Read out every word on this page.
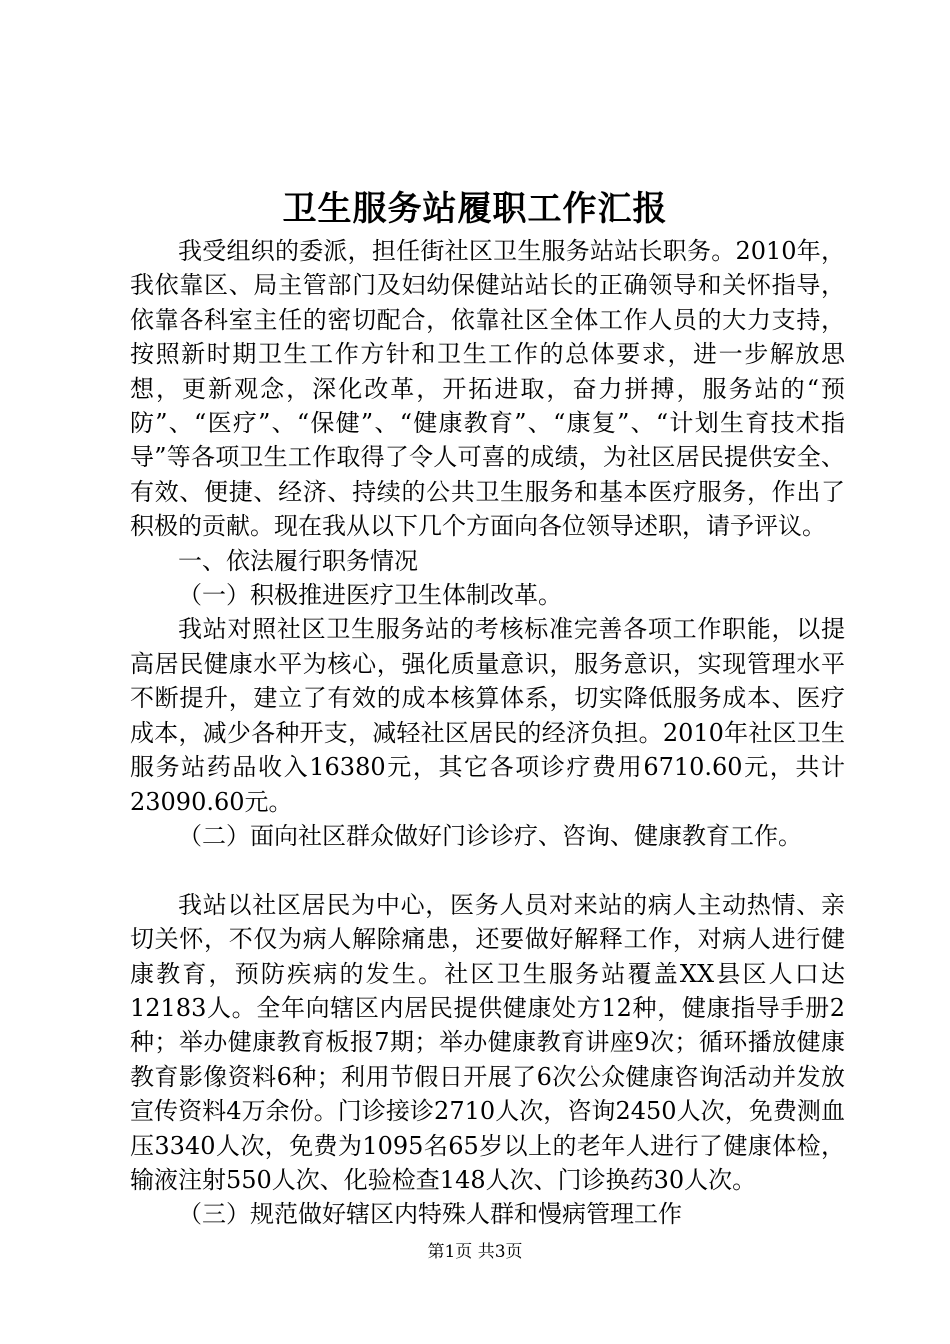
卫生服务站履职工作汇报

我受组织的委派，担任街社区卫生服务站站长职务。2010年，我依靠区、局主管部门及妇幼保健站站长的正确领导和关怀指导，依靠各科室主任的密切配合，依靠社区全体工作人员的大力支持，按照新时期卫生工作方针和卫生工作的总体要求，进一步解放思想，更新观念，深化改革，开拓进取，奋力拼搏，服务站的“预防”、“医疗”、“保健”、“健康教育”、“康复”、“计划生育技术指导”等各项卫生工作取得了令人可喜的成绩，为社区居民提供安全、有效、便捷、经济、持续的公共卫生服务和基本医疗服务，作出了积极的贡献。现在我从以下几个方面向各位领导述职，请予评议。

一、依法履行职务情况

（一）积极推进医疗卫生体制改革。

我站对照社区卫生服务站的考核标准完善各项工作职能，以提高居民健康水平为核心，强化质量意识，服务意识，实现管理水平不断提升，建立了有效的成本核算体系，切实降低服务成本、医疗成本，减少各种开支，减轻社区居民的经济负担。2010年社区卫生服务站药品收入16380元，其它各项诊疗费用6710.60元，共计23090.60元。

（二）面向社区群众做好门诊诊疗、咨询、健康教育工作。

我站以社区居民为中心，医务人员对来站的病人主动热情、亲切关怀，不仅为病人解除痛患，还要做好解释工作，对病人进行健康教育，预防疾病的发生。社区卫生服务站覆盖XX县区人口达12183人。全年向辖区内居民提供健康处方12种，健康指导手册2种；举办健康教育板报7期；举办健康教育讲座9次；循环播放健康教育影像资料6种；利用节假日开展了6次公众健康咨询活动并发放宣传资料4万余份。门诊接诊2710人次，咨询2450人次，免费测血压3340人次，免费为1095名65岁以上的老年人进行了健康体检，输液注射550人次、化验检查148人次、门诊换药30人次。

（三）规范做好辖区内特殊人群和慢病管理工作

第1页 共3页
